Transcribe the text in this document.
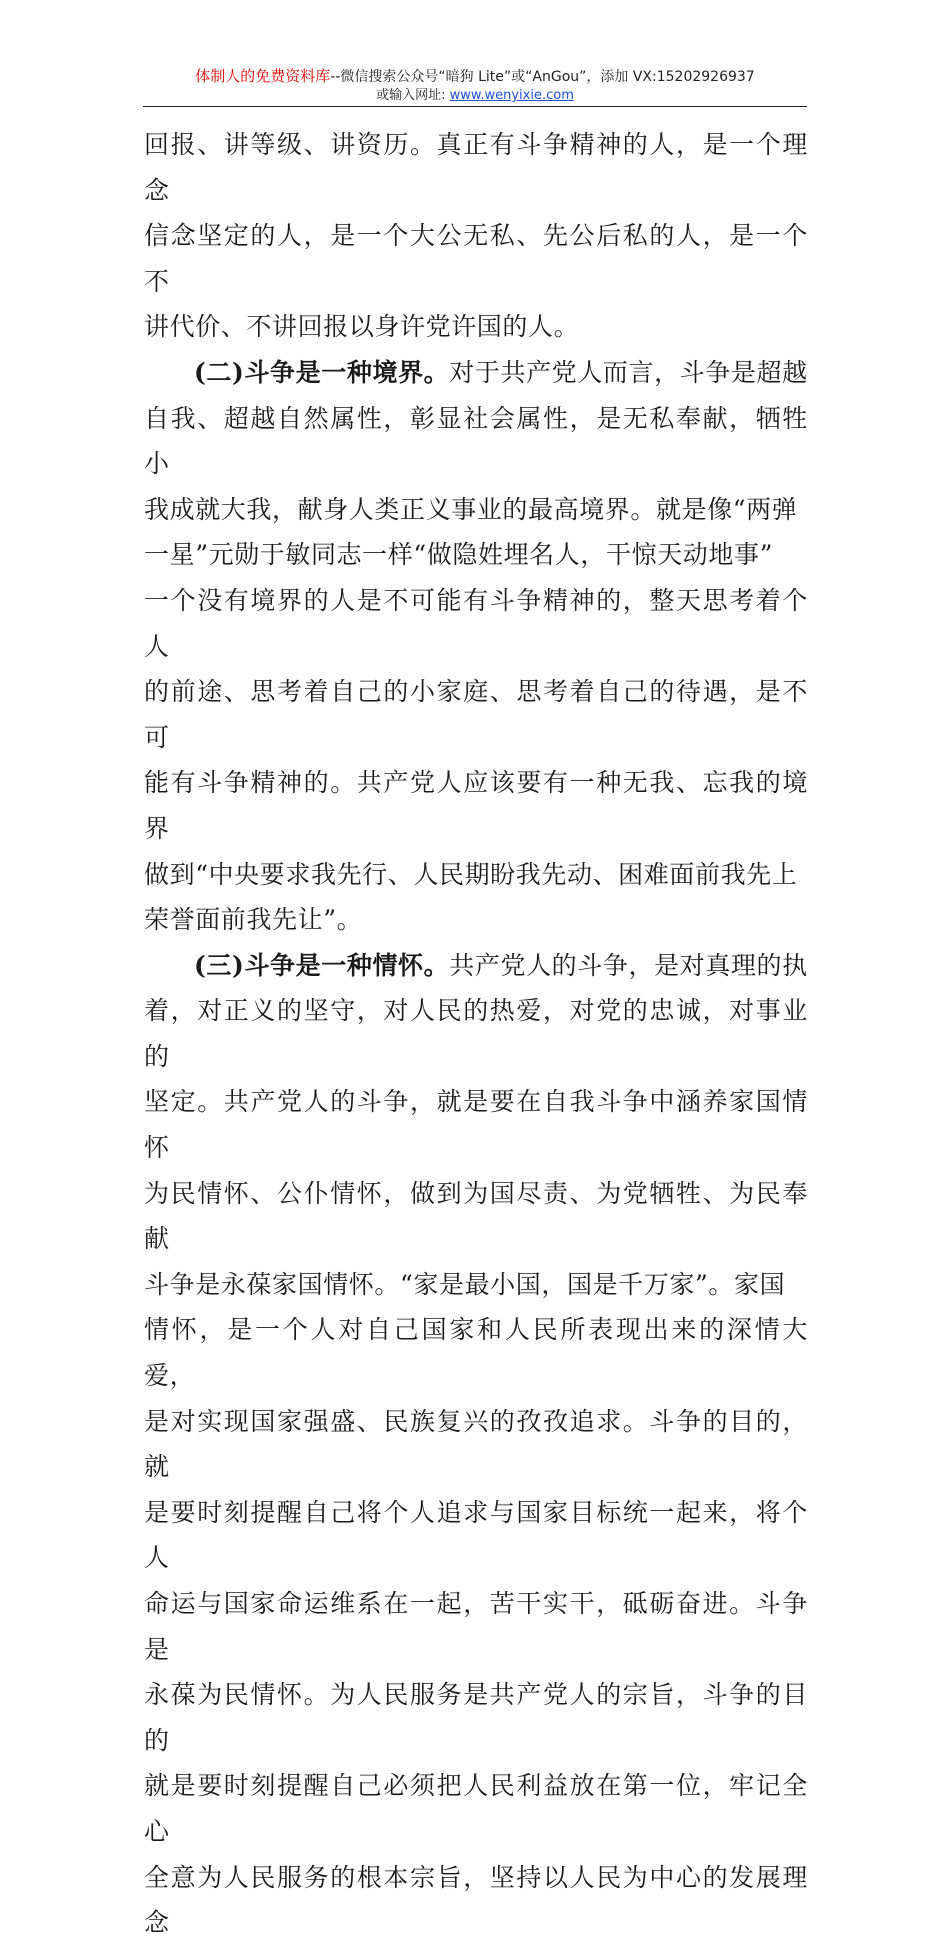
体制人的免费资料库--微信搜索公众号“暗狗 Lite”或“AnGou”，添加 VX:15202926937
或输入网址: www.wenyixie.com

回报、讲等级、讲资历。真正有斗争精神的人，是一个理念
信念坚定的人，是一个大公无私、先公后私的人，是一个不
讲代价、不讲回报以身许党许国的人。

(二)斗争是一种境界。对于共产党人而言，斗争是超越
自我、超越自然属性，彰显社会属性，是无私奉献，牺牲小
我成就大我，献身人类正义事业的最高境界。就是像“两弹
一星”元勋于敏同志一样“做隐姓埋名人，干惊天动地事”
一个没有境界的人是不可能有斗争精神的，整天思考着个人
的前途、思考着自己的小家庭、思考着自己的待遇，是不可
能有斗争精神的。共产党人应该要有一种无我、忘我的境界
做到“中央要求我先行、人民期盼我先动、困难面前我先上
荣誉面前我先让”。

(三)斗争是一种情怀。共产党人的斗争，是对真理的执
着，对正义的坚守，对人民的热爱，对党的忠诚，对事业的
坚定。共产党人的斗争，就是要在自我斗争中涵养家国情怀
为民情怀、公仆情怀，做到为国尽责、为党牺牲、为民奉献
斗争是永葆家国情怀。“家是最小国，国是千万家”。家国
情怀，是一个人对自己国家和人民所表现出来的深情大爱，
是对实现国家强盛、民族复兴的孜孜追求。斗争的目的，就
是要时刻提醒自己将个人追求与国家目标统一起来，将个人
命运与国家命运维系在一起，苦干实干，砥砺奋进。斗争是
永葆为民情怀。为人民服务是共产党人的宗旨，斗争的目的
就是要时刻提醒自己必须把人民利益放在第一位，牢记全心
全意为人民服务的根本宗旨，坚持以人民为中心的发展理念
